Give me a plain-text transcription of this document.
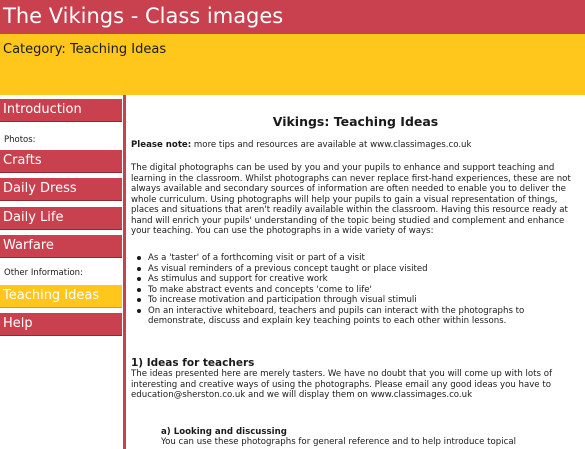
The Vikings - Class images
Category: Teaching Ideas
Introduction
Photos:
Crafts
Daily Dress
Daily Life
Warfare
Other Information:
Teaching Ideas
Help
Vikings: Teaching Ideas
Please note: more tips and resources are available at www.classimages.co.uk
The digital photographs can be used by you and your pupils to enhance and support teaching and learning in the classroom. Whilst photographs can never replace first-hand experiences, these are not always available and secondary sources of information are often needed to enable you to deliver the whole curriculum. Using photographs will help your pupils to gain a visual representation of things, places and situations that aren't readily available within the classroom. Having this resource ready at hand will enrich your pupils' understanding of the topic being studied and complement and enhance your teaching. You can use the photographs in a wide variety of ways:
As a 'taster' of a forthcoming visit or part of a visit
As visual reminders of a previous concept taught or place visited
As stimulus and support for creative work
To make abstract events and concepts 'come to life'
To increase motivation and participation through visual stimuli
On an interactive whiteboard, teachers and pupils can interact with the photographs to demonstrate, discuss and explain key teaching points to each other within lessons.
1) Ideas for teachers
The ideas presented here are merely tasters. We have no doubt that you will come up with lots of interesting and creative ways of using the photographs. Please email any good ideas you have to education@sherston.co.uk and we will display them on www.classimages.co.uk
a) Looking and discussing
You can use these photographs for general reference and to help introduce topical
